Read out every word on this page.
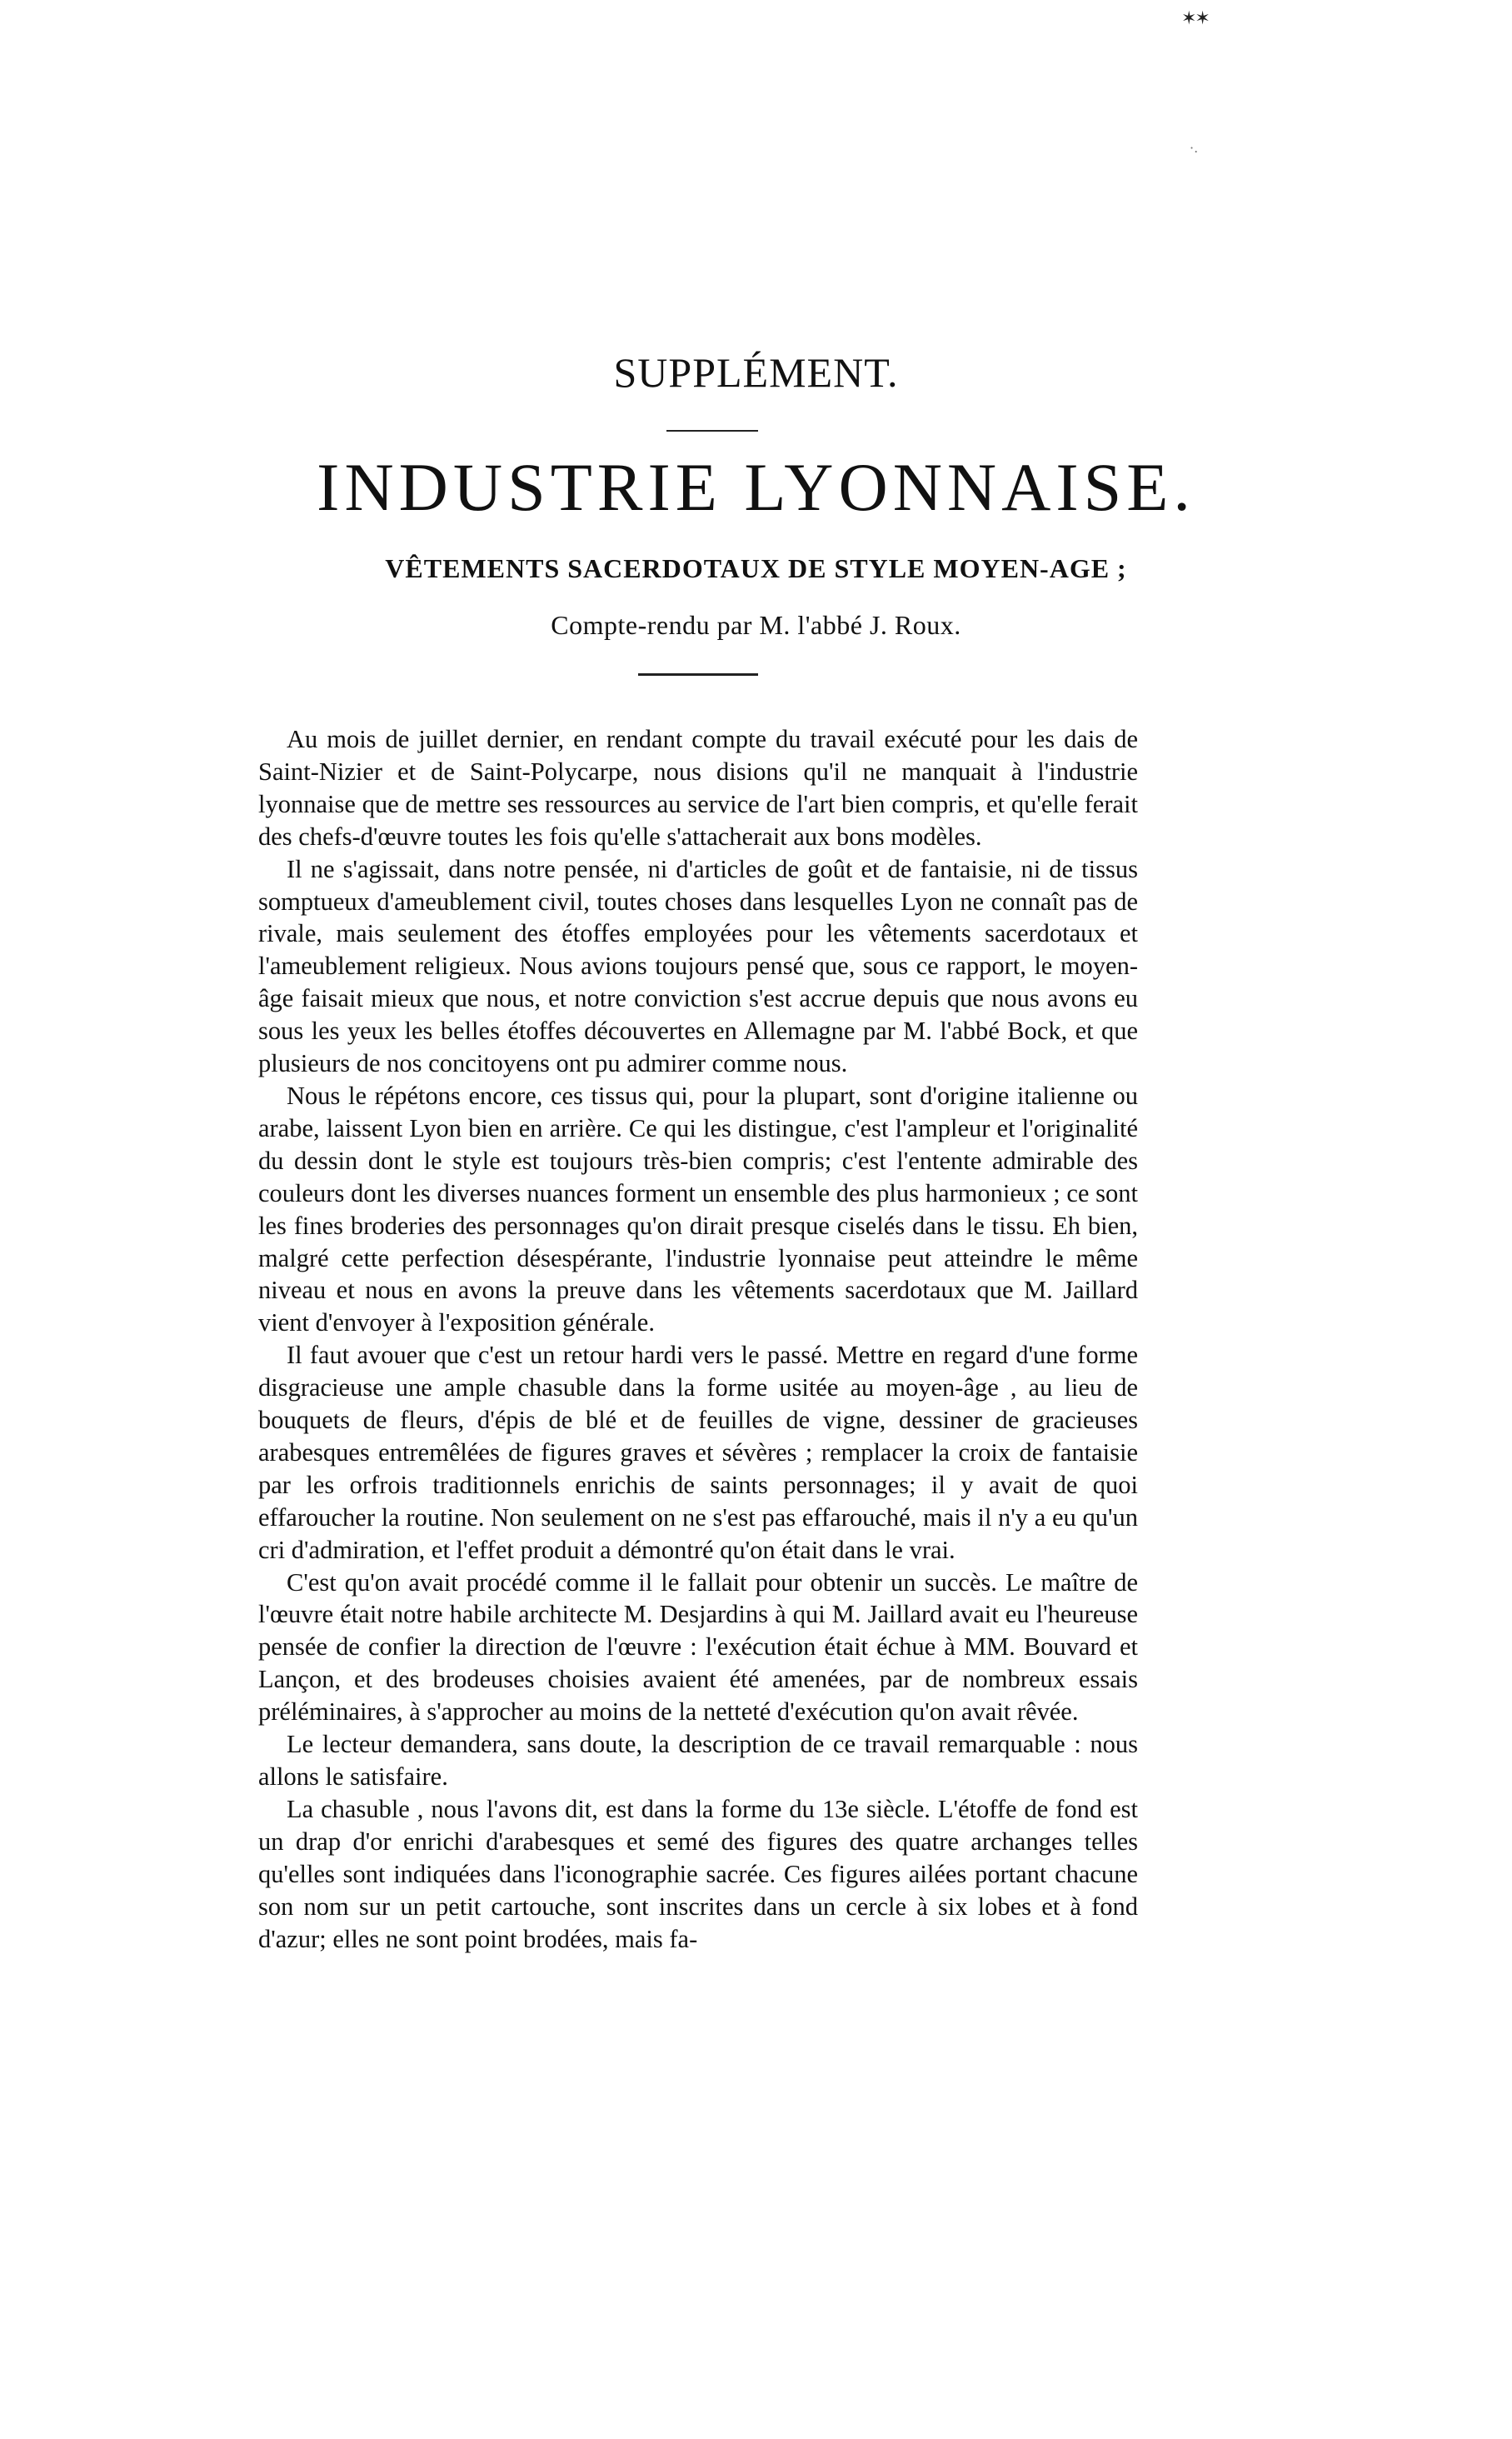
✶✶
·.
SUPPLÉMENT.
INDUSTRIE LYONNAISE.
VÊTEMENTS SACERDOTAUX DE STYLE MOYEN-AGE ;
Compte-rendu par M. l'abbé J. Roux.

Au mois de juillet dernier, en rendant compte du travail exécuté pour les dais de Saint-Nizier et de Saint-Polycarpe, nous disions qu'il ne manquait à l'industrie lyonnaise que de mettre ses ressources au service de l'art bien compris, et qu'elle ferait des chefs-d'œuvre toutes les fois qu'elle s'attacherait aux bons modèles.

Il ne s'agissait, dans notre pensée, ni d'articles de goût et de fantaisie, ni de tissus somptueux d'ameublement civil, toutes choses dans lesquelles Lyon ne connaît pas de rivale, mais seulement des étoffes employées pour les vêtements sacerdotaux et l'ameublement religieux. Nous avions toujours pensé que, sous ce rapport, le moyen-âge faisait mieux que nous, et notre conviction s'est accrue depuis que nous avons eu sous les yeux les belles étoffes découvertes en Allemagne par M. l'abbé Bock, et que plusieurs de nos concitoyens ont pu admirer comme nous.

Nous le répétons encore, ces tissus qui, pour la plupart, sont d'origine italienne ou arabe, laissent Lyon bien en arrière. Ce qui les distingue, c'est l'ampleur et l'originalité du dessin dont le style est toujours très-bien compris; c'est l'entente admirable des couleurs dont les diverses nuances forment un ensemble des plus harmonieux ; ce sont les fines broderies des personnages qu'on dirait presque ciselés dans le tissu. Eh bien, malgré cette perfection désespérante, l'industrie lyonnaise peut atteindre le même niveau et nous en avons la preuve dans les vêtements sacerdotaux que M. Jaillard vient d'envoyer à l'exposition générale.

Il faut avouer que c'est un retour hardi vers le passé. Mettre en regard d'une forme disgracieuse une ample chasuble dans la forme usitée au moyen-âge , au lieu de bouquets de fleurs, d'épis de blé et de feuilles de vigne, dessiner de gracieuses arabesques entremêlées de figures graves et sévères ; remplacer la croix de fantaisie par les orfrois traditionnels enrichis de saints personnages; il y avait de quoi effaroucher la routine. Non seulement on ne s'est pas effarouché, mais il n'y a eu qu'un cri d'admiration, et l'effet produit a démontré qu'on était dans le vrai.

C'est qu'on avait procédé comme il le fallait pour obtenir un succès. Le maître de l'œuvre était notre habile architecte M. Desjardins à qui M. Jaillard avait eu l'heureuse pensée de confier la direction de l'œuvre : l'exécution était échue à MM. Bouvard et Lançon, et des brodeuses choisies avaient été amenées, par de nombreux essais préléminaires, à s'approcher au moins de la netteté d'exécution qu'on avait rêvée.

Le lecteur demandera, sans doute, la description de ce travail remarquable : nous allons le satisfaire.

La chasuble , nous l'avons dit, est dans la forme du 13e siècle. L'étoffe de fond est un drap d'or enrichi d'arabesques et semé des figures des quatre archanges telles qu'elles sont indiquées dans l'iconographie sacrée. Ces figures ailées portant chacune son nom sur un petit cartouche, sont inscrites dans un cercle à six lobes et à fond d'azur; elles ne sont point brodées, mais fa-
